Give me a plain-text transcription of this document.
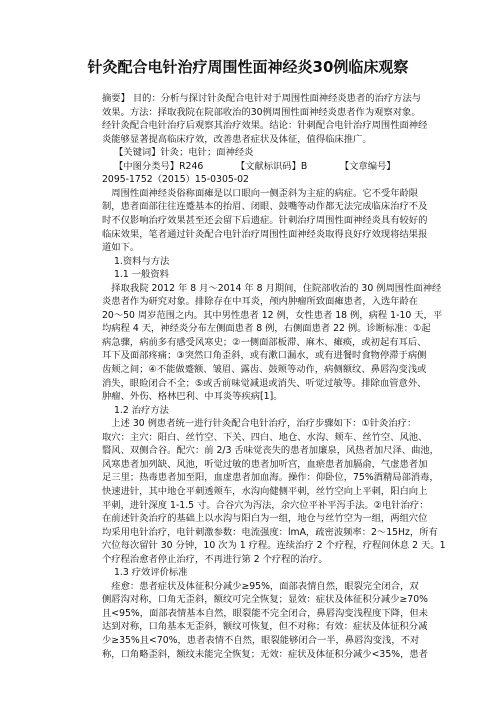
针灸配合电针治疗周围性面神经炎30例临床观察
摘要】 目的：分析与探讨针灸配合电针对于周围性面神经炎患者的治疗方法与
效果。方法：择取我院在院部收治的30例周围性面神经炎患者作为观察对象。
经针灸配合电针治疗后观察其治疗效果。结论：针刺配合电针治疗周围性面神经
炎能够显著提高临床疗效，改善患者症状及体征，值得临床推广。
【关键词】针灸；电针；面神经炎
【中图分类号】R246　　　　【文献标识码】B　　　　【文章编号】
2095-1752（2015）15-0305-02
　周围性面神经炎俗称面瘫是以口眼向一侧歪斜为主症的病症。它不受年龄限
制，患者面部往往连蹙基本的抬眉、闭眼、鼓嘴等动作都无法完成临床治疗不及
时不仅影响治疗效果甚至还会留下后遗症。针刺治疗周围性面神经炎具有较好的
临床效果，笔者通过针灸配合电针治疗周围性面神经炎取得良好疗效现将结果报
道如下。
1.资料与方法
1.1 一般资料
　择取我院 2012 年 8 月～2014 年 8 月期间，住院部收治的 30 例周围性面神经
炎患者作为研究对象。排除存在中耳炎，颅内肿瘤所致面瘫患者，入选年龄在
20～50 周岁范围之内。其中男性患者 12 例，女性患者 18 例，病程 1-10 天，平
均病程 4 天，神经炎分布左侧面患者 8 例，右侧面患者 22 例。诊断标准：①起
病急骤，病前多有感受风寒史；②一侧面部板滞、麻木、瘫痪，或初起有耳后、
耳下及面部疼痛；③突然口角歪斜，或有漱口漏水，或有进餐时食物停滞于病侧
齿颊之间；④不能做蹙额、皱眉、露齿、鼓颊等动作，病侧额纹、鼻唇沟变浅或
消失，眼睑闭合不全；⑤或舌前味觉减退或消失、听觉过敏等。排除血管意外、
肿瘤、外伤、格林巴利、中耳炎等疾病[1]。
1.2 治疗方法
　上述 30 例患者统一进行针灸配合电针治疗，治疗步骤如下：①针灸治疗：
取穴：主穴：阳白、丝竹空、下关、四白、地仓、水沟、颊车、丝竹空、风池、
翳风、双侧合谷。配穴：前 2/3 舌味觉丧失的患者加廉泉，风热者加尺泽、曲池，
风寒患者加列缺、风池，听觉过敏的患者加听宫，血瘀患者加膈俞，气虚患者加
足三里；热毒患者加至阳，血虚患者加血海。操作：仰卧位，75%酒精局部消毒，
快速进针，其中地仓平刺透颊车，水沟向健侧平刺，丝竹空向上平刺，阳白向上
平刺，进针深度 1-1.5 寸。合谷穴为泻法，余穴位平补平泻手法。②电针治疗：
在前述针灸治疗的基础上以水沟与阳白为一组，地仓与丝竹空为一组，两组穴位
均采用电针治疗，电针刺激参数：电流强度：lmA，疏密波频率：2～15Hz，所有
穴位每次留针 30 分钟，10 次为 1 疗程。连续治疗 2 个疗程，疗程间休息 2 天。1
个疗程治愈者停止治疗，不再进行第 2 个疗程的治疗。
1.3 疗效评价标准
　痊愈：患者症状及体征积分减少≥95%，面部表情自然，眼裂完全闭合，双
侧唇沟对称，口角无歪斜，额纹可完全恢复；显效：症状及体征积分减少≥70%
且<95%，面部表情基本自然，眼裂能不完全闭合，鼻唇沟变浅程度下降，但未
达到对称，口角基本无歪斜，额纹可恢复，但不对称；有效：症状及体征积分减
少≥35%且<70%，患者表情不自然，眼裂能够闭合一半，鼻唇沟变浅，不对
称，口角略歪斜，额纹未能完全恢复；无效：症状及体征积分减少<35%，患者
